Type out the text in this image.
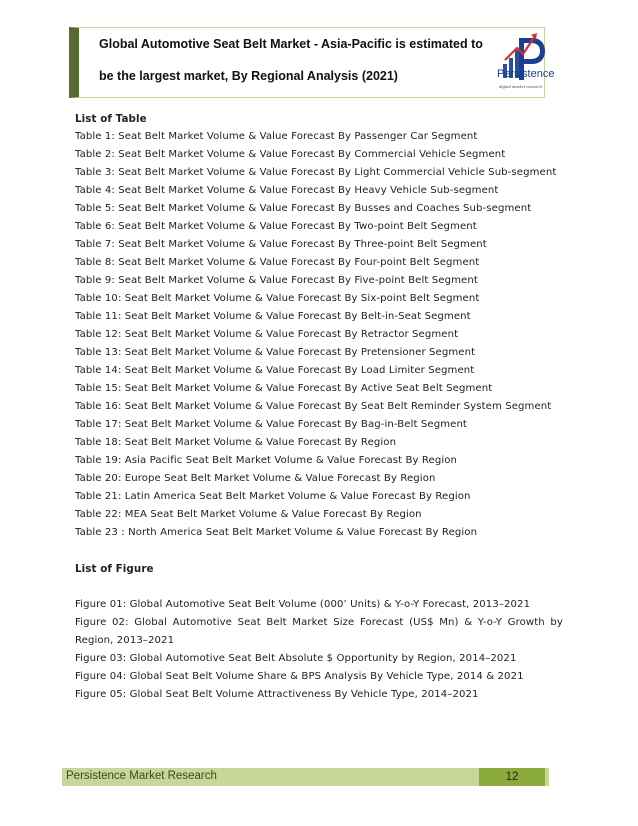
Global Automotive Seat Belt Market - Asia-Pacific is estimated to
be the largest market, By Regional Analysis (2021)	Persistence
digital market research
List of Table
Table 1: Seat Belt Market Volume & Value Forecast By Passenger Car Segment
Table 2: Seat Belt Market Volume & Value Forecast By Commercial Vehicle Segment
Table 3: Seat Belt Market Volume & Value Forecast By Light Commercial Vehicle Sub-segment
Table 4: Seat Belt Market Volume & Value Forecast By Heavy Vehicle Sub-segment
Table 5: Seat Belt Market Volume & Value Forecast By Busses and Coaches Sub-segment
Table 6: Seat Belt Market Volume & Value Forecast By Two-point Belt Segment
Table 7: Seat Belt Market Volume & Value Forecast By Three-point Belt Segment
Table 8: Seat Belt Market Volume & Value Forecast By Four-point Belt Segment
Table 9: Seat Belt Market Volume & Value Forecast By Five-point Belt Segment
Table 10: Seat Belt Market Volume & Value Forecast By Six-point Belt Segment
Table 11: Seat Belt Market Volume & Value Forecast By Belt-in-Seat Segment
Table 12: Seat Belt Market Volume & Value Forecast By Retractor Segment
Table 13: Seat Belt Market Volume & Value Forecast By Pretensioner Segment
Table 14: Seat Belt Market Volume & Value Forecast By Load Limiter Segment
Table 15: Seat Belt Market Volume & Value Forecast By Active Seat Belt Segment
Table 16: Seat Belt Market Volume & Value Forecast By Seat Belt Reminder System Segment
Table 17: Seat Belt Market Volume & Value Forecast By Bag-in-Belt Segment
Table 18: Seat Belt Market Volume & Value Forecast By Region
Table 19: Asia Pacific Seat Belt Market Volume & Value Forecast By Region
Table 20: Europe Seat Belt Market Volume & Value Forecast By Region
Table 21: Latin America Seat Belt Market Volume & Value Forecast By Region
Table 22: MEA Seat Belt Market Volume & Value Forecast By Region
Table 23 : North America Seat Belt Market Volume & Value Forecast By Region
List of Figure
Figure 01: Global Automotive Seat Belt Volume (000’ Units) & Y-o-Y Forecast, 2013–2021
Figure 02: Global Automotive Seat Belt Market Size Forecast (US$ Mn) & Y-o-Y Growth by Region, 2013–2021
Figure 03: Global Automotive Seat Belt Absolute $ Opportunity by Region, 2014–2021
Figure 04: Global Seat Belt Volume Share & BPS Analysis By Vehicle Type, 2014 & 2021
Figure 05: Global Seat Belt Volume Attractiveness By Vehicle Type, 2014–2021
Persistence Market Research	12
